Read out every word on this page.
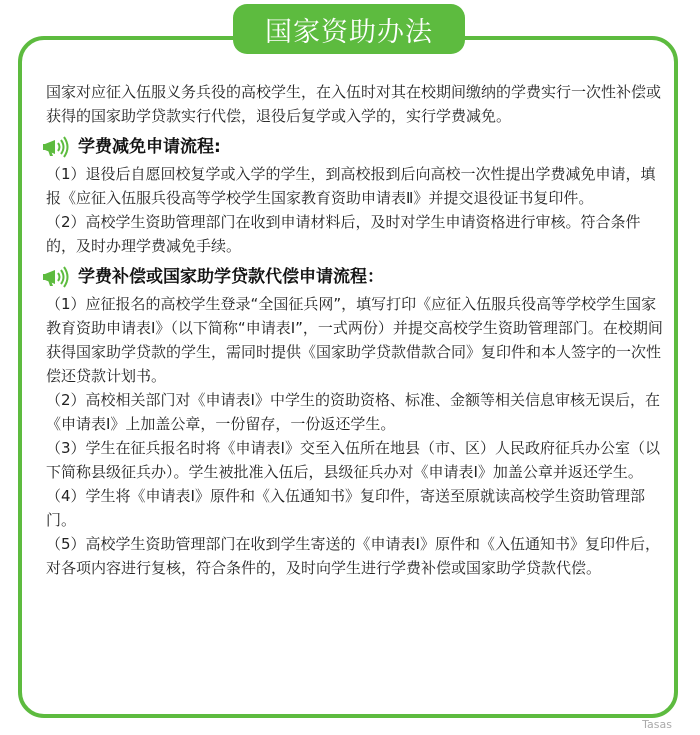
国家资助办法

国家对应征入伍服义务兵役的高校学生，在入伍时对其在校期间缴纳的学费实行一次性补偿或获得的国家助学贷款实行代偿，退役后复学或入学的，实行学费减免。

学费减免申请流程:

（1）退役后自愿回校复学或入学的学生，到高校报到后向高校一次性提出学费减免申请，填报《应征入伍服兵役高等学校学生国家教育资助申请表Ⅱ》并提交退役证书复印件。

（2）高校学生资助管理部门在收到申请材料后，及时对学生申请资格进行审核。符合条件的，及时办理学费减免手续。

学费补偿或国家助学贷款代偿申请流程：

（1）应征报名的高校学生登录“全国征兵网”，填写打印《应征入伍服兵役高等学校学生国家教育资助申请表Ⅰ》（以下简称“申请表Ⅰ”，一式两份）并提交高校学生资助管理部门。在校期间获得国家助学贷款的学生，需同时提供《国家助学贷款借款合同》复印件和本人签字的一次性偿还贷款计划书。

（2）高校相关部门对《申请表Ⅰ》中学生的资助资格、标准、金额等相关信息审核无误后，在《申请表Ⅰ》上加盖公章，一份留存，一份返还学生。

（3）学生在征兵报名时将《申请表Ⅰ》交至入伍所在地县（市、区）人民政府征兵办公室（以下简称县级征兵办）。学生被批准入伍后，县级征兵办对《申请表Ⅰ》加盖公章并返还学生。

（4）学生将《申请表Ⅰ》原件和《入伍通知书》复印件，寄送至原就读高校学生资助管理部门。

（5）高校学生资助管理部门在收到学生寄送的《申请表Ⅰ》原件和《入伍通知书》复印件后，对各项内容进行复核，符合条件的，及时向学生进行学费补偿或国家助学贷款代偿。

Tasas
